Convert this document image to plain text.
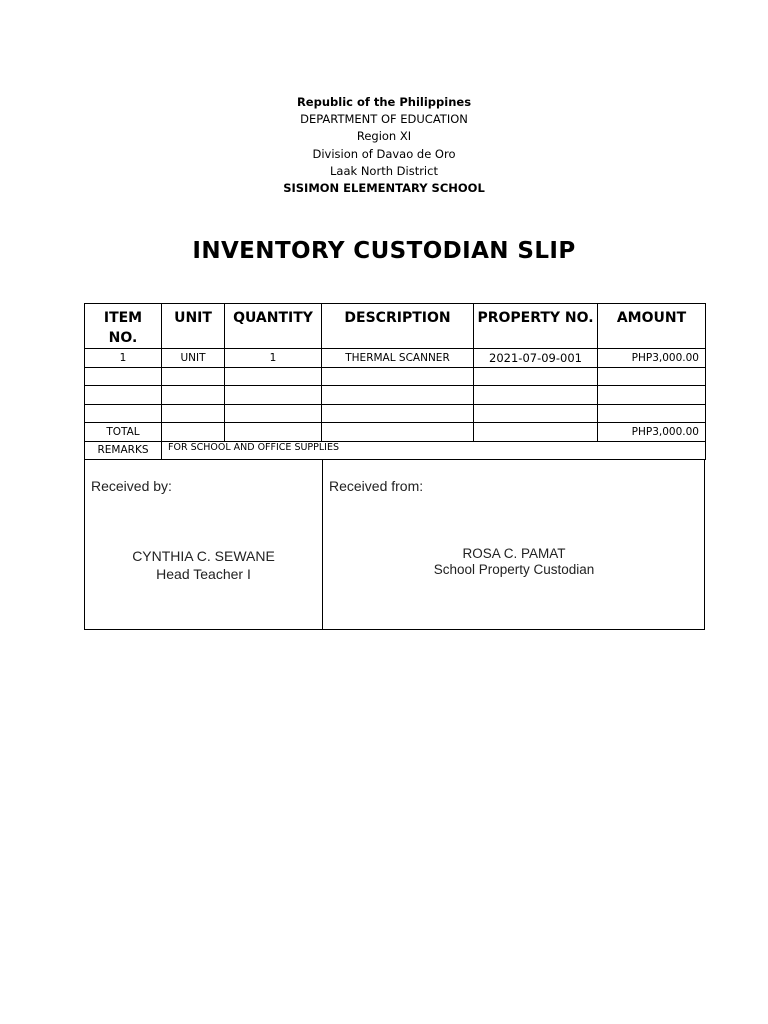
Republic of the Philippines
DEPARTMENT OF EDUCATION
Region XI
Division of Davao de Oro
Laak North District
SISIMON ELEMENTARY SCHOOL
INVENTORY CUSTODIAN SLIP
ITEM NO.	UNIT	QUANTITY	DESCRIPTION	PROPERTY NO.	AMOUNT
1	UNIT	1	THERMAL SCANNER	2021-07-09-001	PHP3,000.00

TOTAL					PHP3,000.00
REMARKS	FOR SCHOOL AND OFFICE SUPPLIES				
Received by:
CYNTHIA C. SEWANE
Head Teacher I
Received from:
ROSA C. PAMAT
School Property Custodian
